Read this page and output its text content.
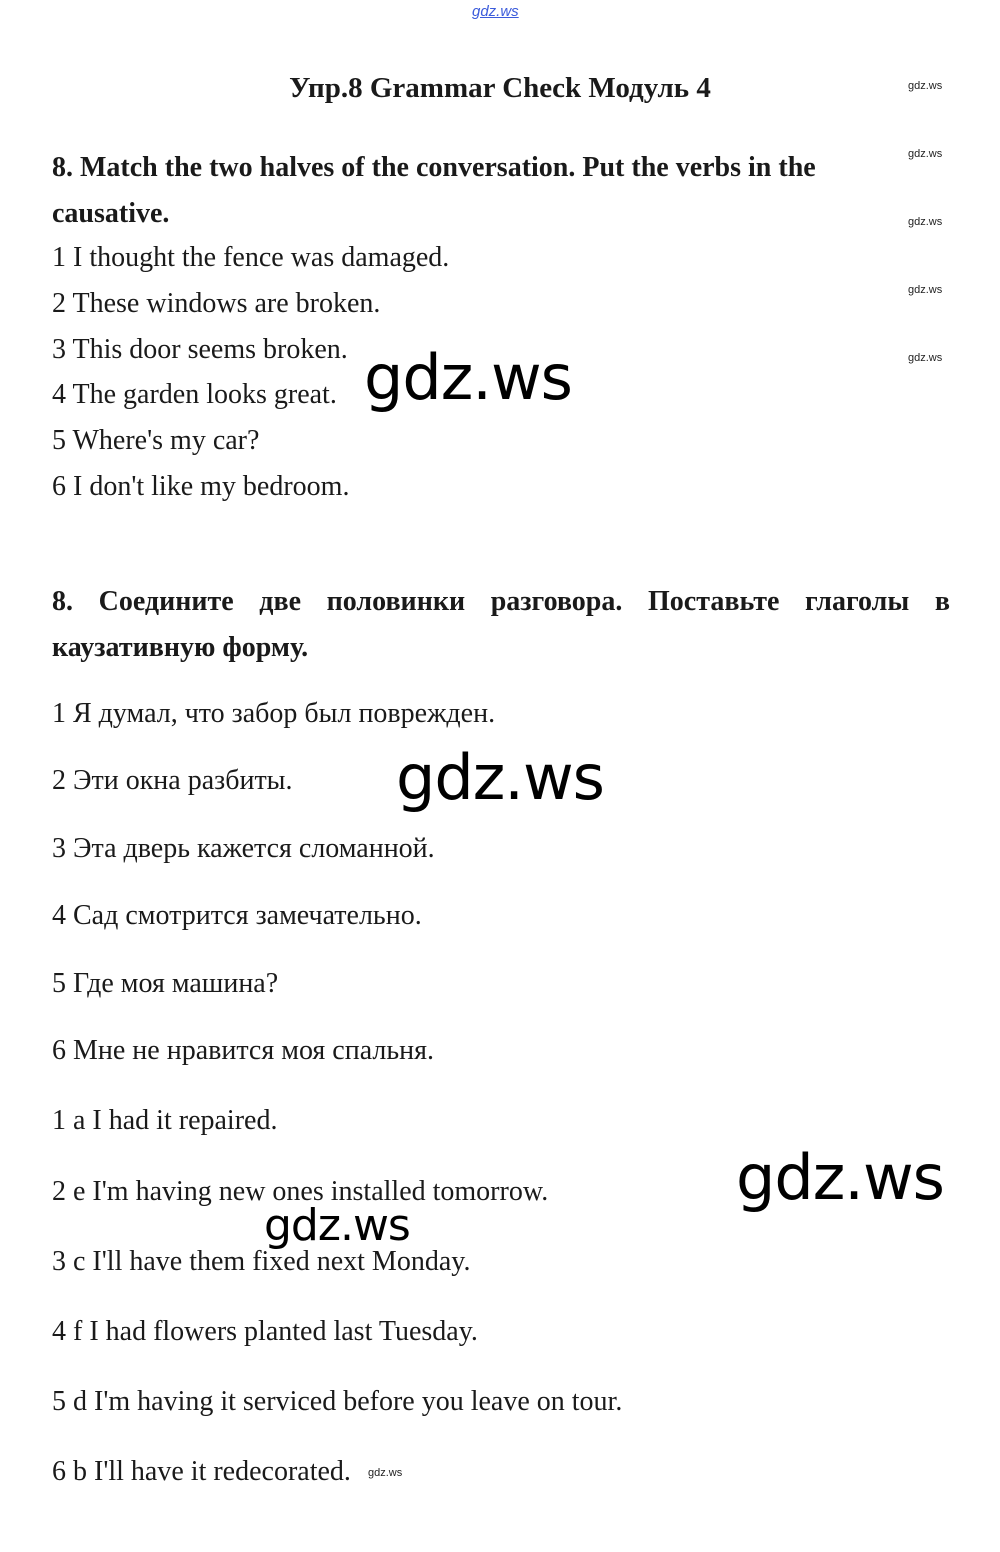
gdz.ws
Упр.8 Grammar Check Модуль 4	gdz.ws
gdz.ws
gdz.ws
gdz.ws
gdz.ws
8. Match the two halves of the conversation. Put the verbs in the causative.
1 I thought the fence was damaged.
2 These windows are broken.
3 This door seems broken.
4 The garden looks great.
5 Where's my car?
6 I don't like my bedroom.
gdz.ws
8. Соедините две половинки разговора. Поставьте глаголы в каузативную форму.
1 Я думал, что забор был поврежден.
2 Эти окна разбиты.
3 Эта дверь кажется сломанной.
4 Сад смотрится замечательно.
5 Где моя машина?
6 Мне не нравится моя спальня.
gdz.ws
1 a I had it repaired.
2 e I'm having new ones installed tomorrow.
3 c I'll have them fixed next Monday.
4 f I had flowers planted last Tuesday.
5 d I'm having it serviced before you leave on tour.
6 b I'll have it redecorated.
gdz.ws
gdz.ws
gdz.ws
